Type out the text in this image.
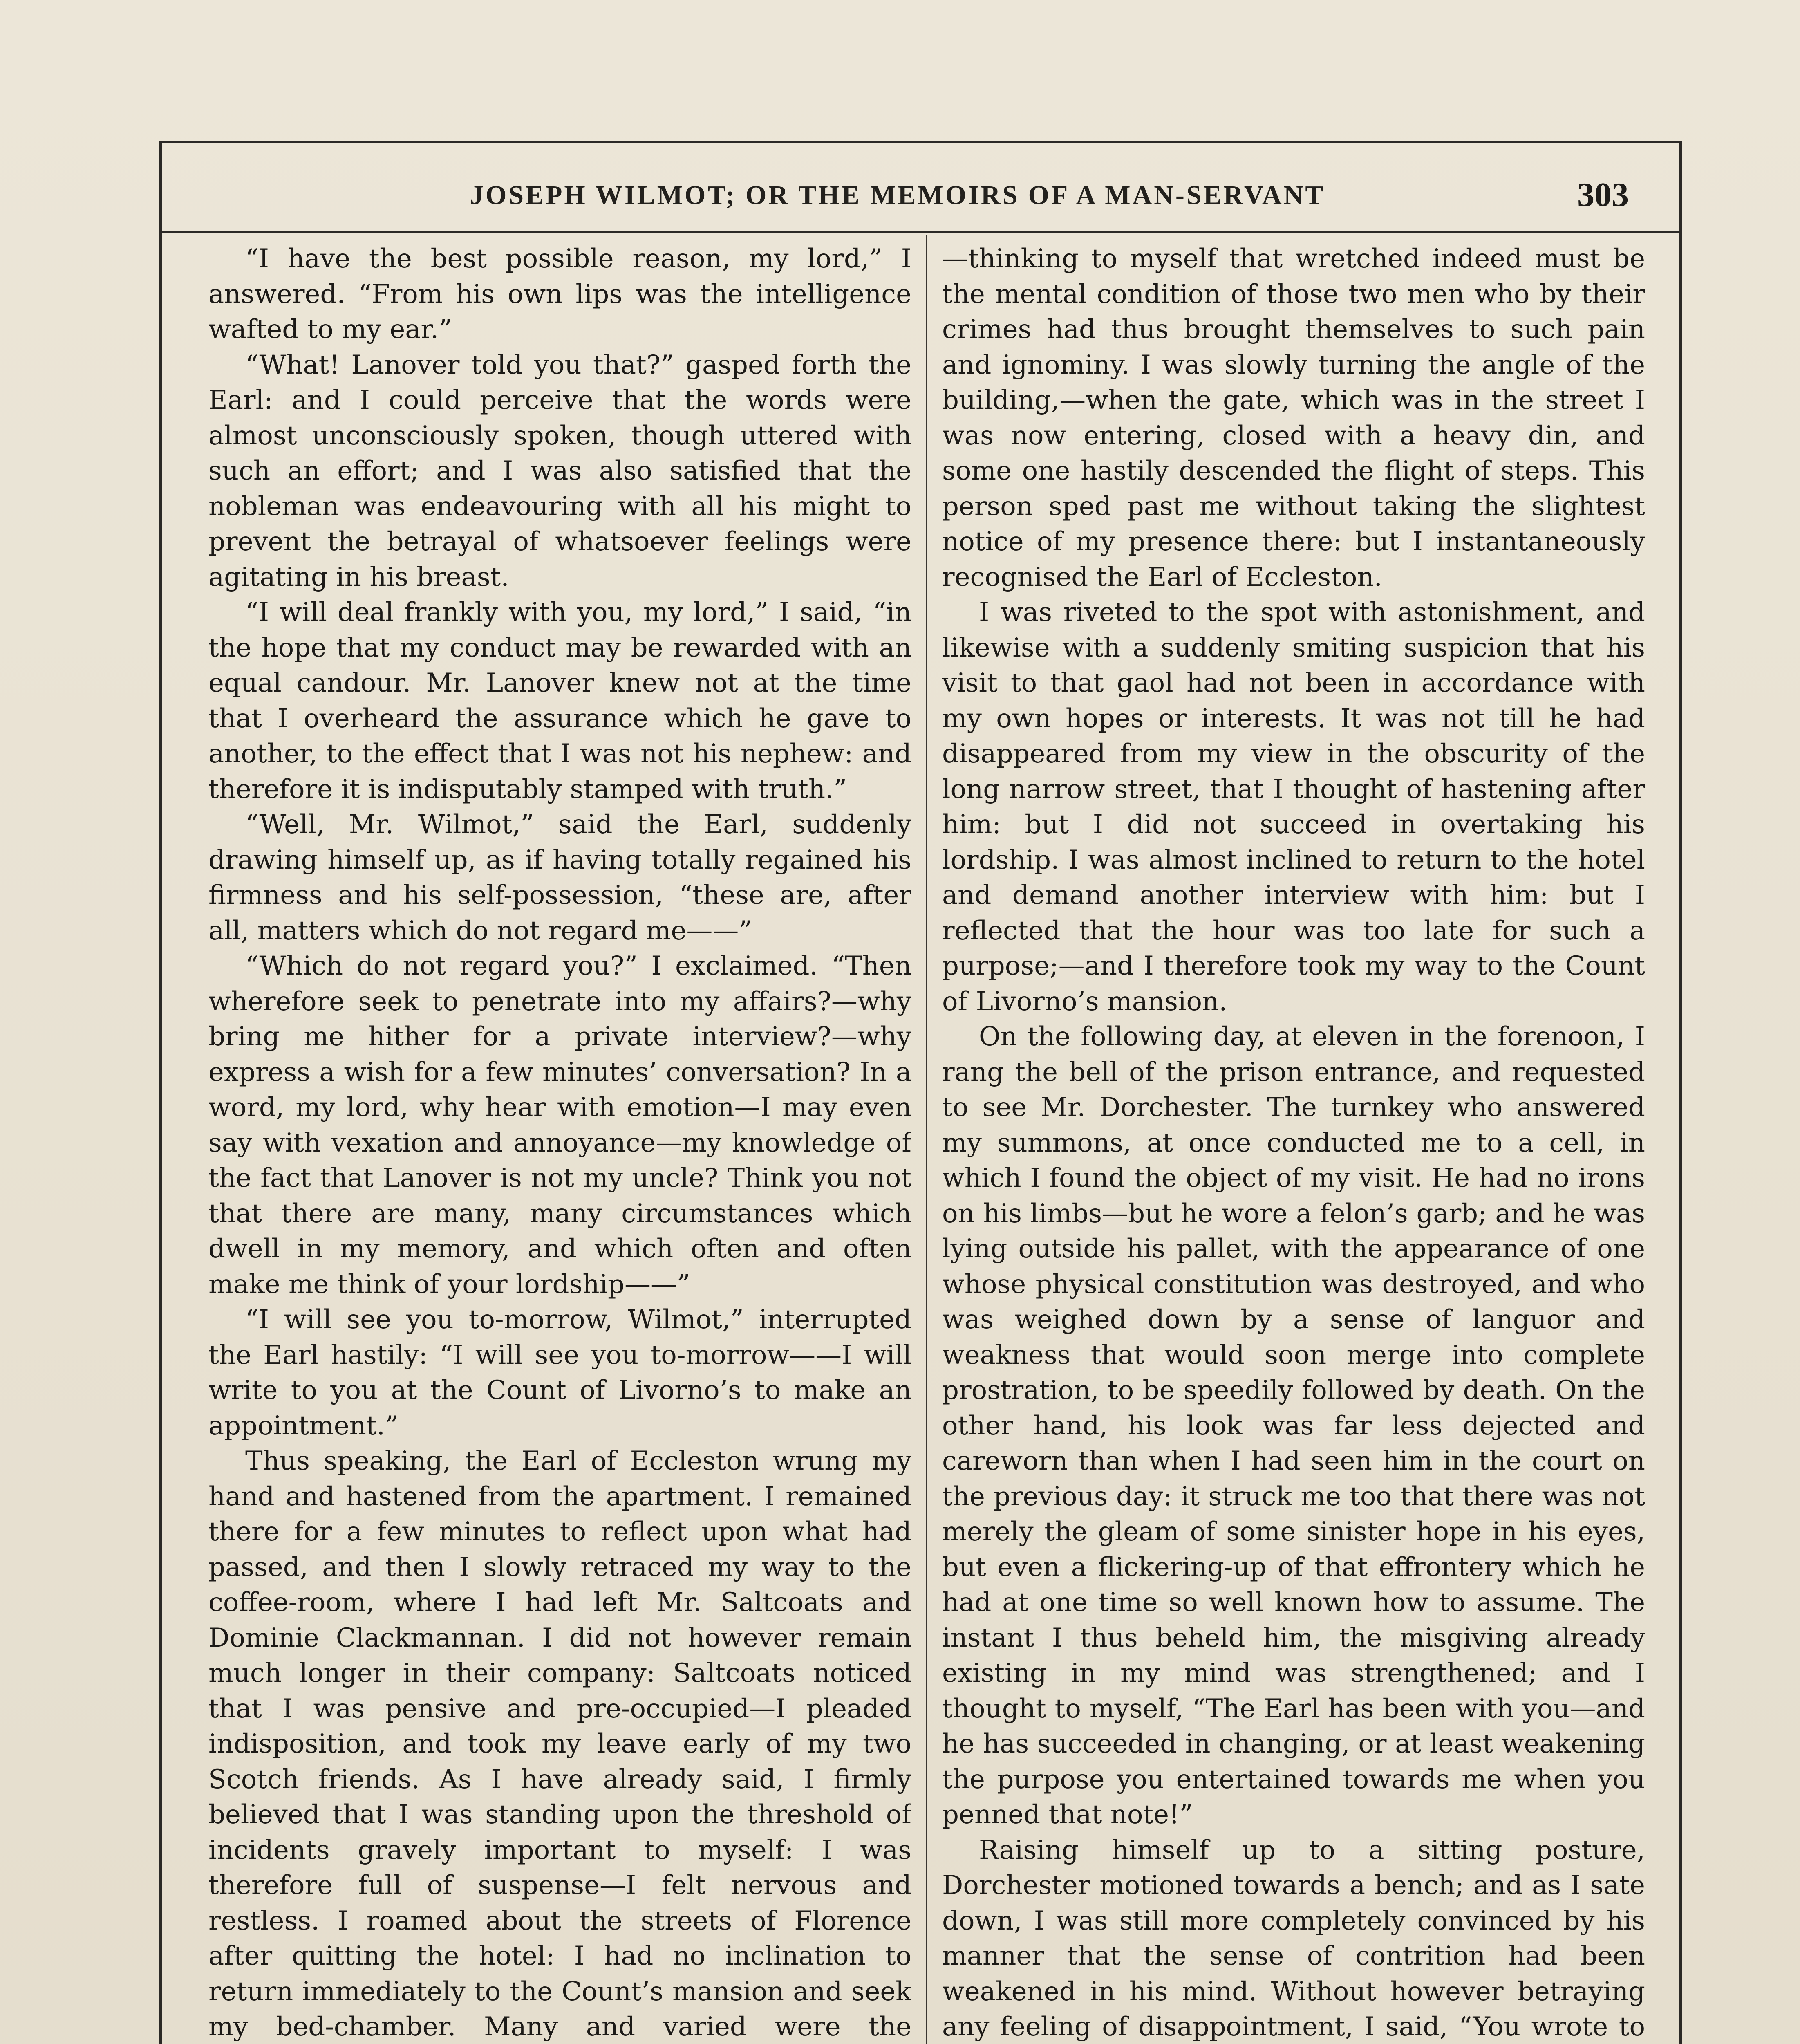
JOSEPH WILMOT; OR THE MEMOIRS OF A MAN-SERVANT	303

“I have the best possible reason, my lord,” I answered. “From his own lips was the intelligence wafted to my ear.”

“What! Lanover told you that?” gasped forth the Earl: and I could perceive that the words were almost unconsciously spoken, though uttered with such an effort; and I was also satisfied that the nobleman was endeavouring with all his might to prevent the betrayal of whatsoever feelings were agitating in his breast.

“I will deal frankly with you, my lord,” I said, “in the hope that my conduct may be rewarded with an equal candour. Mr. Lanover knew not at the time that I overheard the assurance which he gave to another, to the effect that I was not his nephew: and therefore it is indisputably stamped with truth.”

“Well, Mr. Wilmot,” said the Earl, suddenly drawing himself up, as if having totally regained his firmness and his self-possession, “these are, after all, matters which do not regard me——”

“Which do not regard you?” I exclaimed. “Then wherefore seek to penetrate into my affairs?—why bring me hither for a private interview?—why express a wish for a few minutes’ conversation? In a word, my lord, why hear with emotion—I may even say with vexation and annoyance—my knowledge of the fact that Lanover is not my uncle? Think you not that there are many, many circumstances which dwell in my memory, and which often and often make me think of your lordship——”

“I will see you to-morrow, Wilmot,” interrupted the Earl hastily: “I will see you to-morrow——I will write to you at the Count of Livorno’s to make an appointment.”

Thus speaking, the Earl of Eccleston wrung my hand and hastened from the apartment. I remained there for a few minutes to reflect upon what had passed, and then I slowly retraced my way to the coffee-room, where I had left Mr. Saltcoats and Dominie Clackmannan. I did not however remain much longer in their company: Saltcoats noticed that I was pensive and pre-occupied—I pleaded indisposition, and took my leave early of my two Scotch friends. As I have already said, I firmly believed that I was standing upon the threshold of incidents gravely important to myself: I was therefore full of suspense—I felt nervous and restless. I roamed about the streets of Florence after quitting the hotel: I had no inclination to return immediately to the Count’s mansion and seek my bed-chamber. Many and varied were the

—thinking to myself that wretched indeed must be the mental condition of those two men who by their crimes had thus brought themselves to such pain and ignominy. I was slowly turning the angle of the building,—when the gate, which was in the street I was now entering, closed with a heavy din, and some one hastily descended the flight of steps. This person sped past me without taking the slightest notice of my presence there: but I instantaneously recognised the Earl of Eccleston.

I was riveted to the spot with astonishment, and likewise with a suddenly smiting suspicion that his visit to that gaol had not been in accordance with my own hopes or interests. It was not till he had disappeared from my view in the obscurity of the long narrow street, that I thought of hastening after him: but I did not succeed in overtaking his lordship. I was almost inclined to return to the hotel and demand another interview with him: but I reflected that the hour was too late for such a purpose;—and I therefore took my way to the Count of Livorno’s mansion.

On the following day, at eleven in the forenoon, I rang the bell of the prison entrance, and requested to see Mr. Dorchester. The turnkey who answered my summons, at once conducted me to a cell, in which I found the object of my visit. He had no irons on his limbs—but he wore a felon’s garb; and he was lying outside his pallet, with the appearance of one whose physical constitution was destroyed, and who was weighed down by a sense of languor and weakness that would soon merge into complete prostration, to be speedily followed by death. On the other hand, his look was far less dejected and careworn than when I had seen him in the court on the previous day: it struck me too that there was not merely the gleam of some sinister hope in his eyes, but even a flickering-up of that effrontery which he had at one time so well known how to assume. The instant I thus beheld him, the misgiving already existing in my mind was strengthened; and I thought to myself, “The Earl has been with you—and he has succeeded in changing, or at least weakening the purpose you entertained towards me when you penned that note!”

Raising himself up to a sitting posture, Dorchester motioned towards a bench; and as I sate down, I was still more completely convinced by his manner that the sense of contrition had been weakened in his mind. Without however betraying any feeling of disappointment, I said, “You wrote to
